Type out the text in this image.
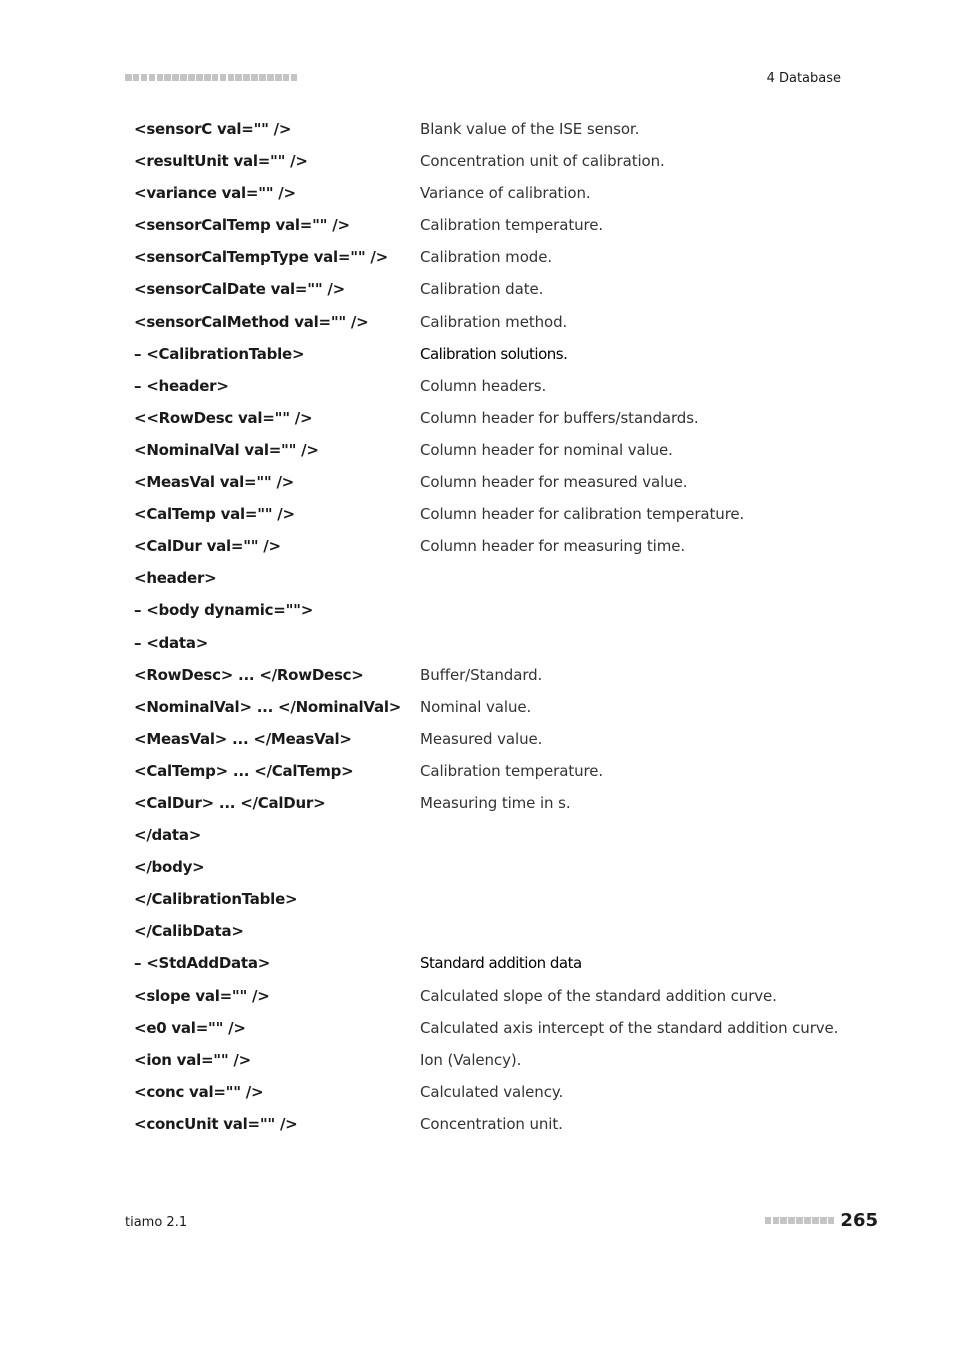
4 Database
<sensorC val="" />	Blank value of the ISE sensor.
<resultUnit val="" />	Concentration unit of calibration.
<variance val="" />	Variance of calibration.
<sensorCalTemp val="" />	Calibration temperature.
<sensorCalTempType val="" /> Calibration mode.
<sensorCalDate val="" />	Calibration date.
<sensorCalMethod val="" />	Calibration method.
– <CalibrationTable>	Calibration solutions.
– <header>	Column headers.
<<RowDesc val="" />	Column header for buffers/standards.
<NominalVal val="" />	Column header for nominal value.
<MeasVal val="" />	Column header for measured value.
<CalTemp val="" />	Column header for calibration temperature.
<CalDur val="" />	Column header for measuring time.
<header>
– <body dynamic="">
– <data>
<RowDesc> ... </RowDesc>	Buffer/Standard.
<NominalVal> ... </NominalVal> Nominal value.
<MeasVal> ... </MeasVal>	Measured value.
<CalTemp> ... </CalTemp>	Calibration temperature.
<CalDur> ... </CalDur>	Measuring time in s.
</data>
</body>
</CalibrationTable>
</CalibData>
– <StdAddData>	Standard addition data
<slope val="" />	Calculated slope of the standard addition curve.
<e0 val="" />	Calculated axis intercept of the standard addition curve.
<ion val="" />	Ion (Valency).
<conc val="" />	Calculated valency.
<concUnit val="" />	Concentration unit.
tiamo 2.1	265
